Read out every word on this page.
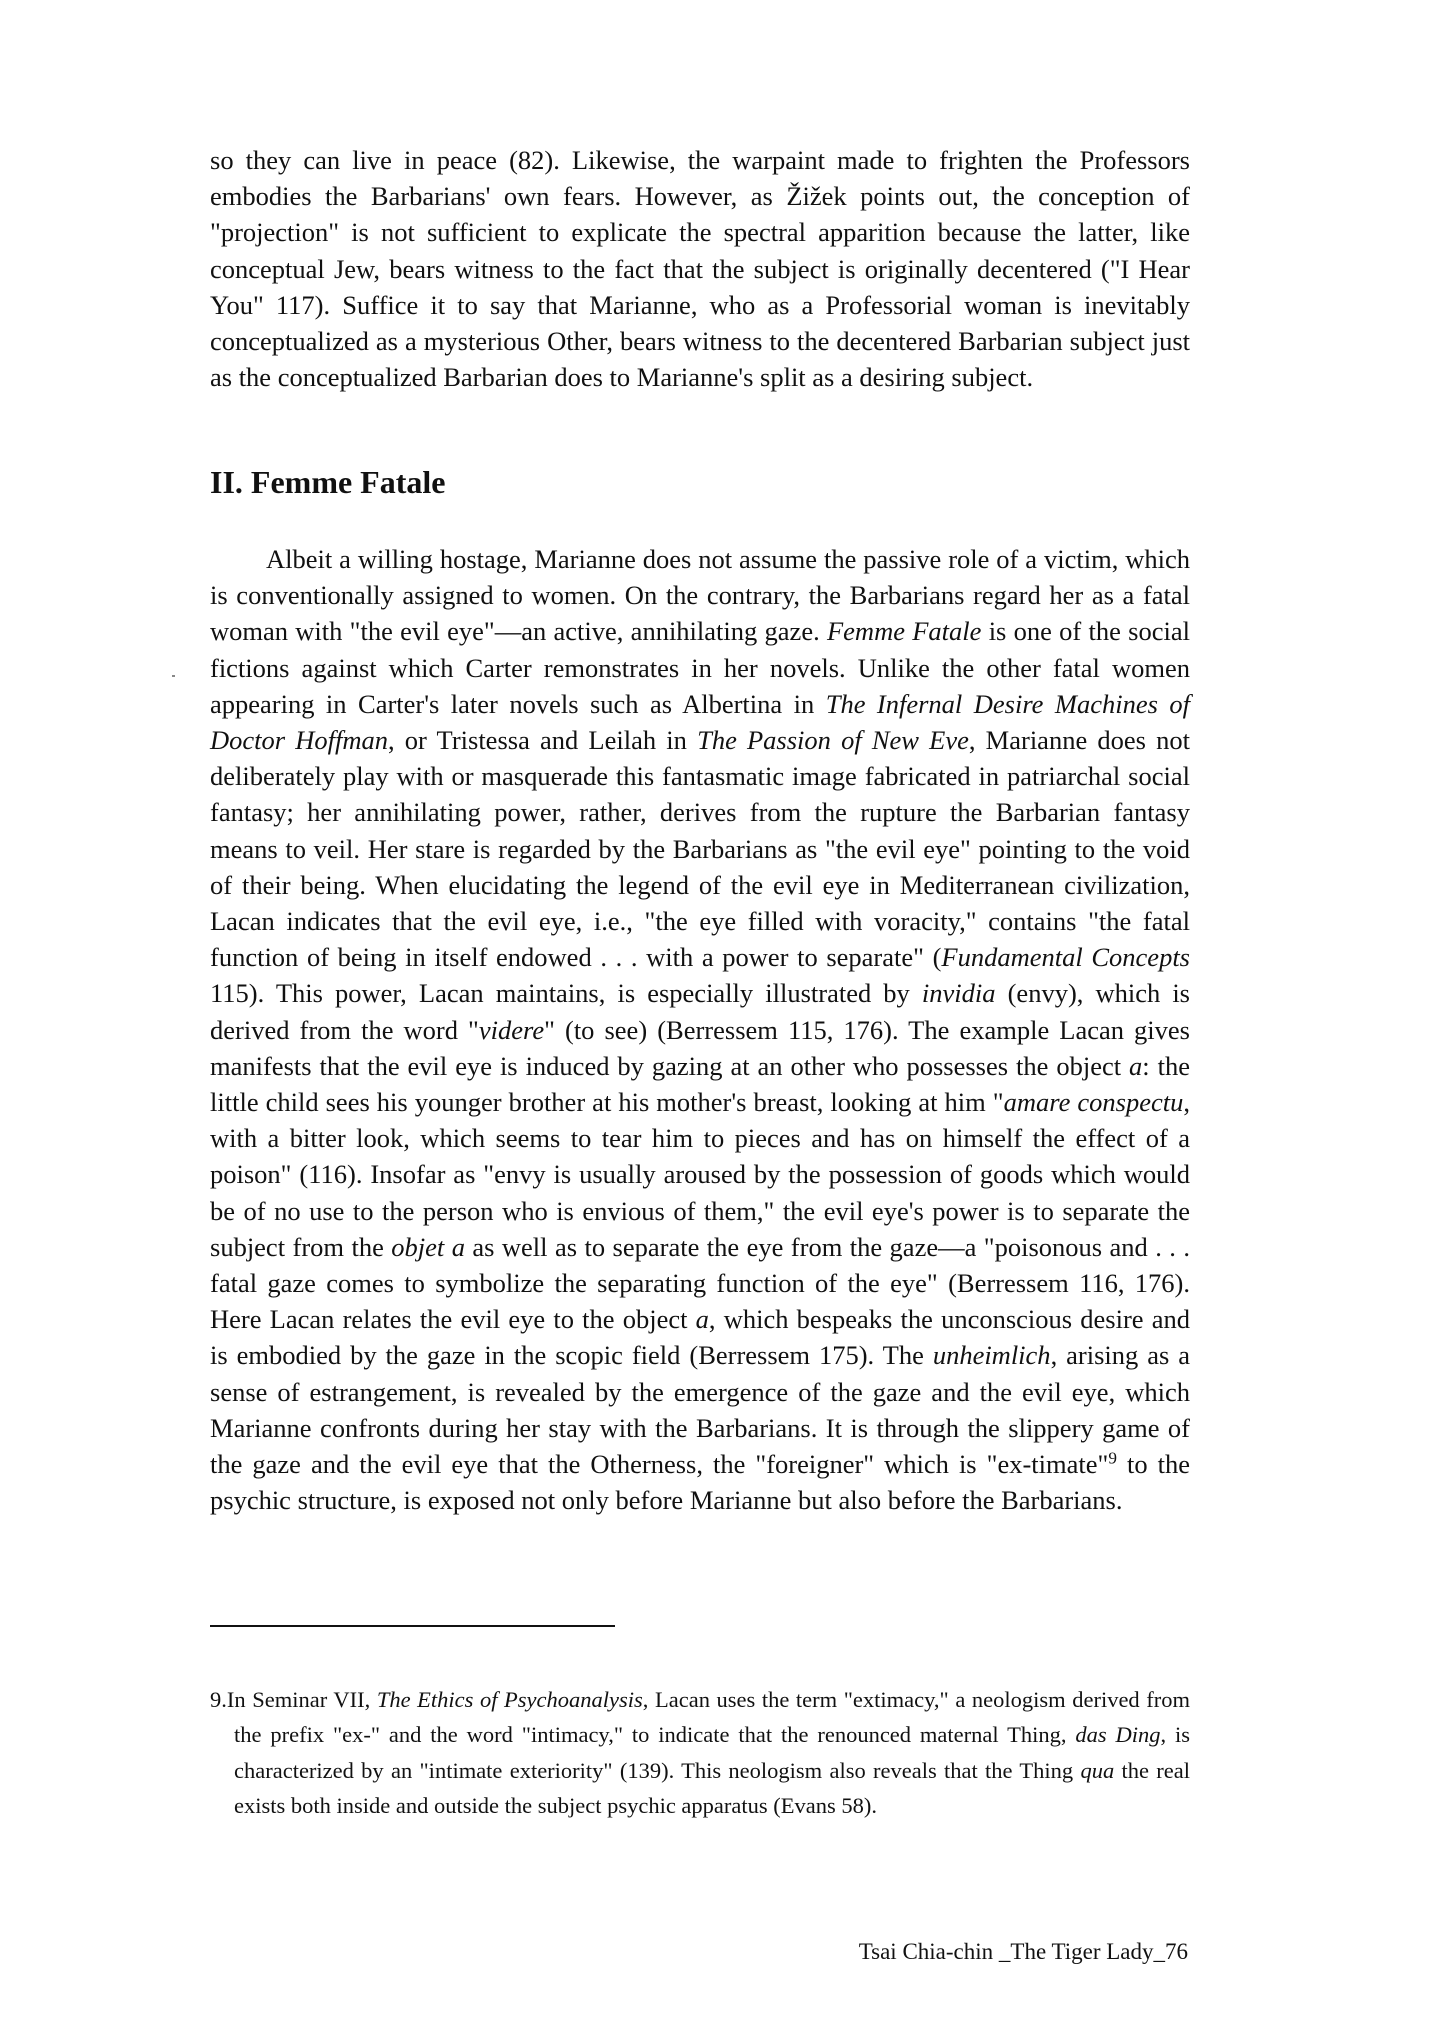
so they can live in peace (82). Likewise, the warpaint made to frighten the Professors embodies the Barbarians' own fears. However, as Žižek points out, the conception of "projection" is not sufficient to explicate the spectral apparition because the latter, like conceptual Jew, bears witness to the fact that the subject is originally decentered ("I Hear You" 117). Suffice it to say that Marianne, who as a Professorial woman is inevitably conceptualized as a mysterious Other, bears witness to the decentered Barbarian subject just as the conceptualized Barbarian does to Marianne's split as a desiring subject.

II. Femme Fatale

Albeit a willing hostage, Marianne does not assume the passive role of a victim, which is conventionally assigned to women. On the contrary, the Barbarians regard her as a fatal woman with "the evil eye"—an active, annihilating gaze. Femme Fatale is one of the social fictions against which Carter remonstrates in her novels. Unlike the other fatal women appearing in Carter's later novels such as Albertina in The Infernal Desire Machines of Doctor Hoffman, or Tristessa and Leilah in The Passion of New Eve, Marianne does not deliberately play with or masquerade this fantasmatic image fabricated in patriarchal social fantasy; her annihilating power, rather, derives from the rupture the Barbarian fantasy means to veil. Her stare is regarded by the Barbarians as "the evil eye" pointing to the void of their being. When elucidating the legend of the evil eye in Mediterranean civilization, Lacan indicates that the evil eye, i.e., "the eye filled with voracity," contains "the fatal function of being in itself endowed . . . with a power to separate" (Fundamental Concepts 115). This power, Lacan maintains, is especially illustrated by invidia (envy), which is derived from the word "videre" (to see) (Berressem 115, 176). The example Lacan gives manifests that the evil eye is induced by gazing at an other who possesses the object a: the little child sees his younger brother at his mother's breast, looking at him "amare conspectu, with a bitter look, which seems to tear him to pieces and has on himself the effect of a poison" (116). Insofar as "envy is usually aroused by the possession of goods which would be of no use to the person who is envious of them," the evil eye's power is to separate the subject from the objet a as well as to separate the eye from the gaze—a "poisonous and . . . fatal gaze comes to symbolize the separating function of the eye" (Berressem 116, 176). Here Lacan relates the evil eye to the object a, which bespeaks the unconscious desire and is embodied by the gaze in the scopic field (Berressem 175). The unheimlich, arising as a sense of estrangement, is revealed by the emergence of the gaze and the evil eye, which Marianne confronts during her stay with the Barbarians. It is through the slippery game of the gaze and the evil eye that the Otherness, the "foreigner" which is "ex-timate"$^9$ to the psychic structure, is exposed not only before Marianne but also before the Barbarians.

9.In Seminar VII, The Ethics of Psychoanalysis, Lacan uses the term "extimacy," a neologism derived from the prefix "ex-" and the word "intimacy," to indicate that the renounced maternal Thing, das Ding, is characterized by an "intimate exteriority" (139). This neologism also reveals that the Thing qua the real exists both inside and outside the subject psychic apparatus (Evans 58).

Tsai Chia-chin _The Tiger Lady_76
